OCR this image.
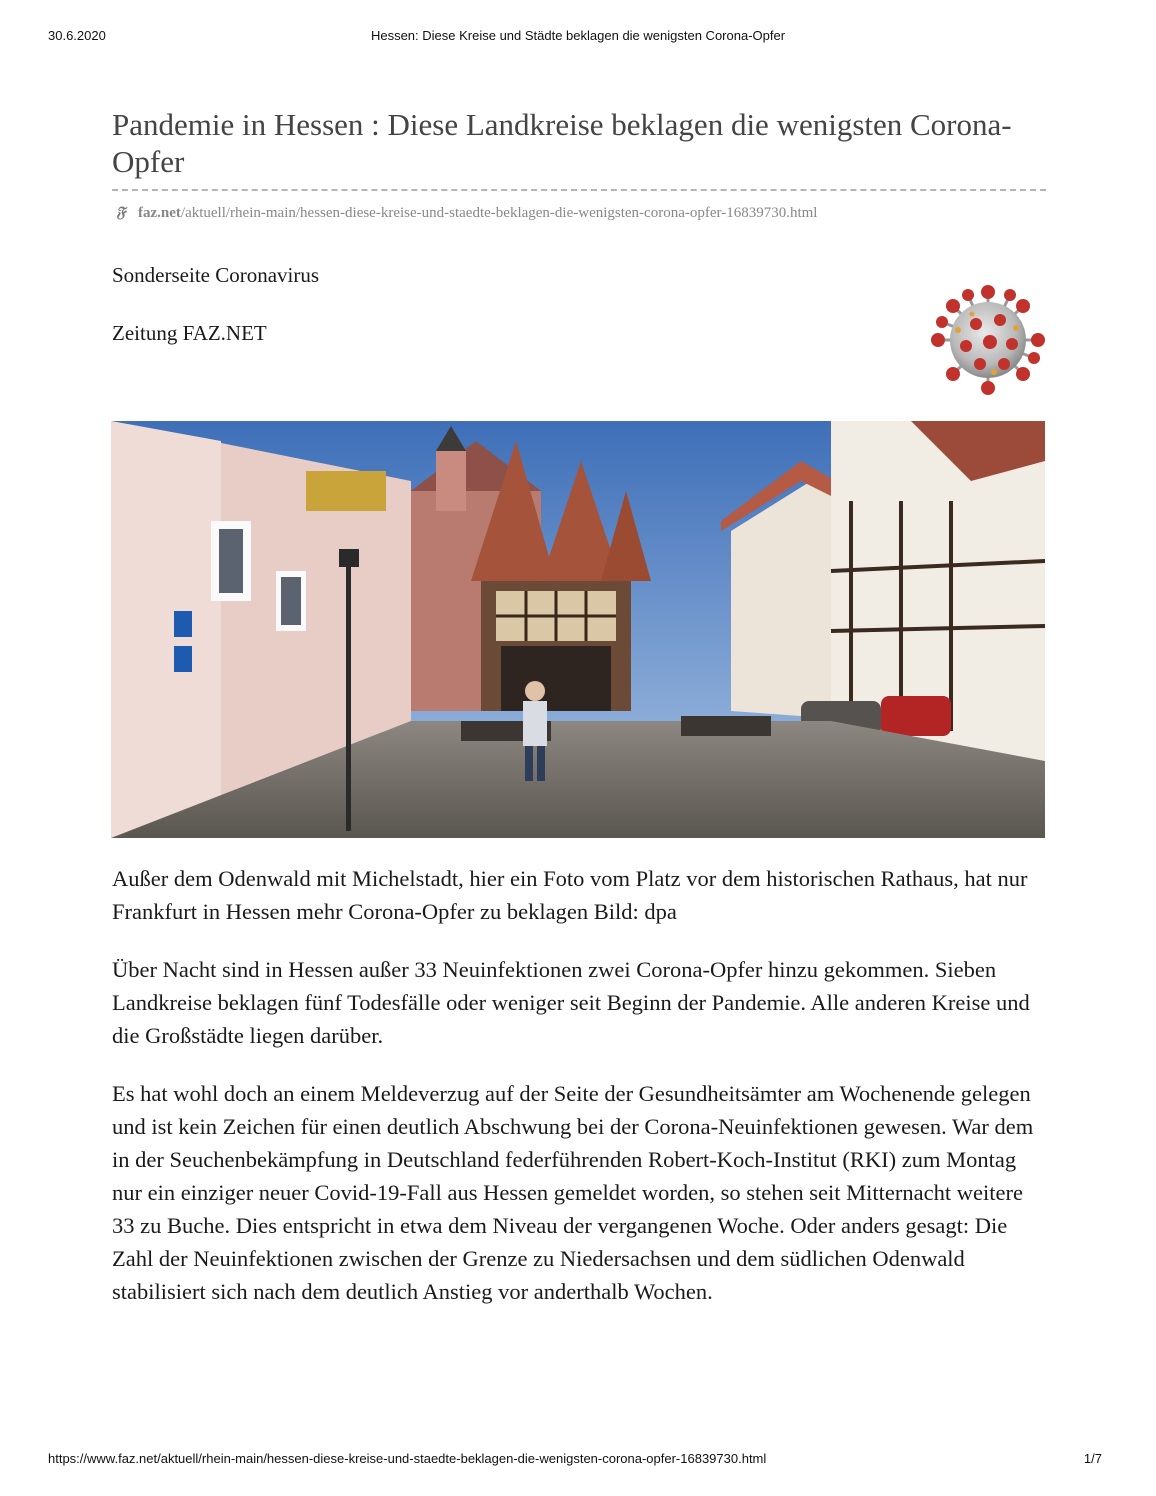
Hessen: Diese Kreise und Städte beklagen die wenigsten Corona-Opfer
30.6.2020
Pandemie in Hessen : Diese Landkreise beklagen die wenigsten Corona-Opfer
𝔉 faz.net/aktuell/rhein-main/hessen-diese-kreise-und-staedte-beklagen-die-wenigsten-corona-opfer-16839730.html
Sonderseite Coronavirus
Zeitung FAZ.NET

Außer dem Odenwald mit Michelstadt, hier ein Foto vom Platz vor dem historischen Rathaus, hat nur Frankfurt in Hessen mehr Corona-Opfer zu beklagen Bild: dpa

Über Nacht sind in Hessen außer 33 Neuinfektionen zwei Corona-Opfer hinzu gekommen. Sieben Landkreise beklagen fünf Todesfälle oder weniger seit Beginn der Pandemie. Alle anderen Kreise und die Großstädte liegen darüber.

Es hat wohl doch an einem Meldeverzug auf der Seite der Gesundheitsämter am Wochenende gelegen und ist kein Zeichen für einen deutlich Abschwung bei der Corona-Neuinfektionen gewesen. War dem in der Seuchenbekämpfung in Deutschland federführenden Robert-Koch-Institut (RKI) zum Montag nur ein einziger neuer Covid-19-Fall aus Hessen gemeldet worden, so stehen seit Mitternacht weitere 33 zu Buche. Dies entspricht in etwa dem Niveau der vergangenen Woche. Oder anders gesagt: Die Zahl der Neuinfektionen zwischen der Grenze zu Niedersachsen und dem südlichen Odenwald stabilisiert sich nach dem deutlich Anstieg vor anderthalb Wochen.

https://www.faz.net/aktuell/rhein-main/hessen-diese-kreise-und-staedte-beklagen-die-wenigsten-corona-opfer-16839730.html	1/7
